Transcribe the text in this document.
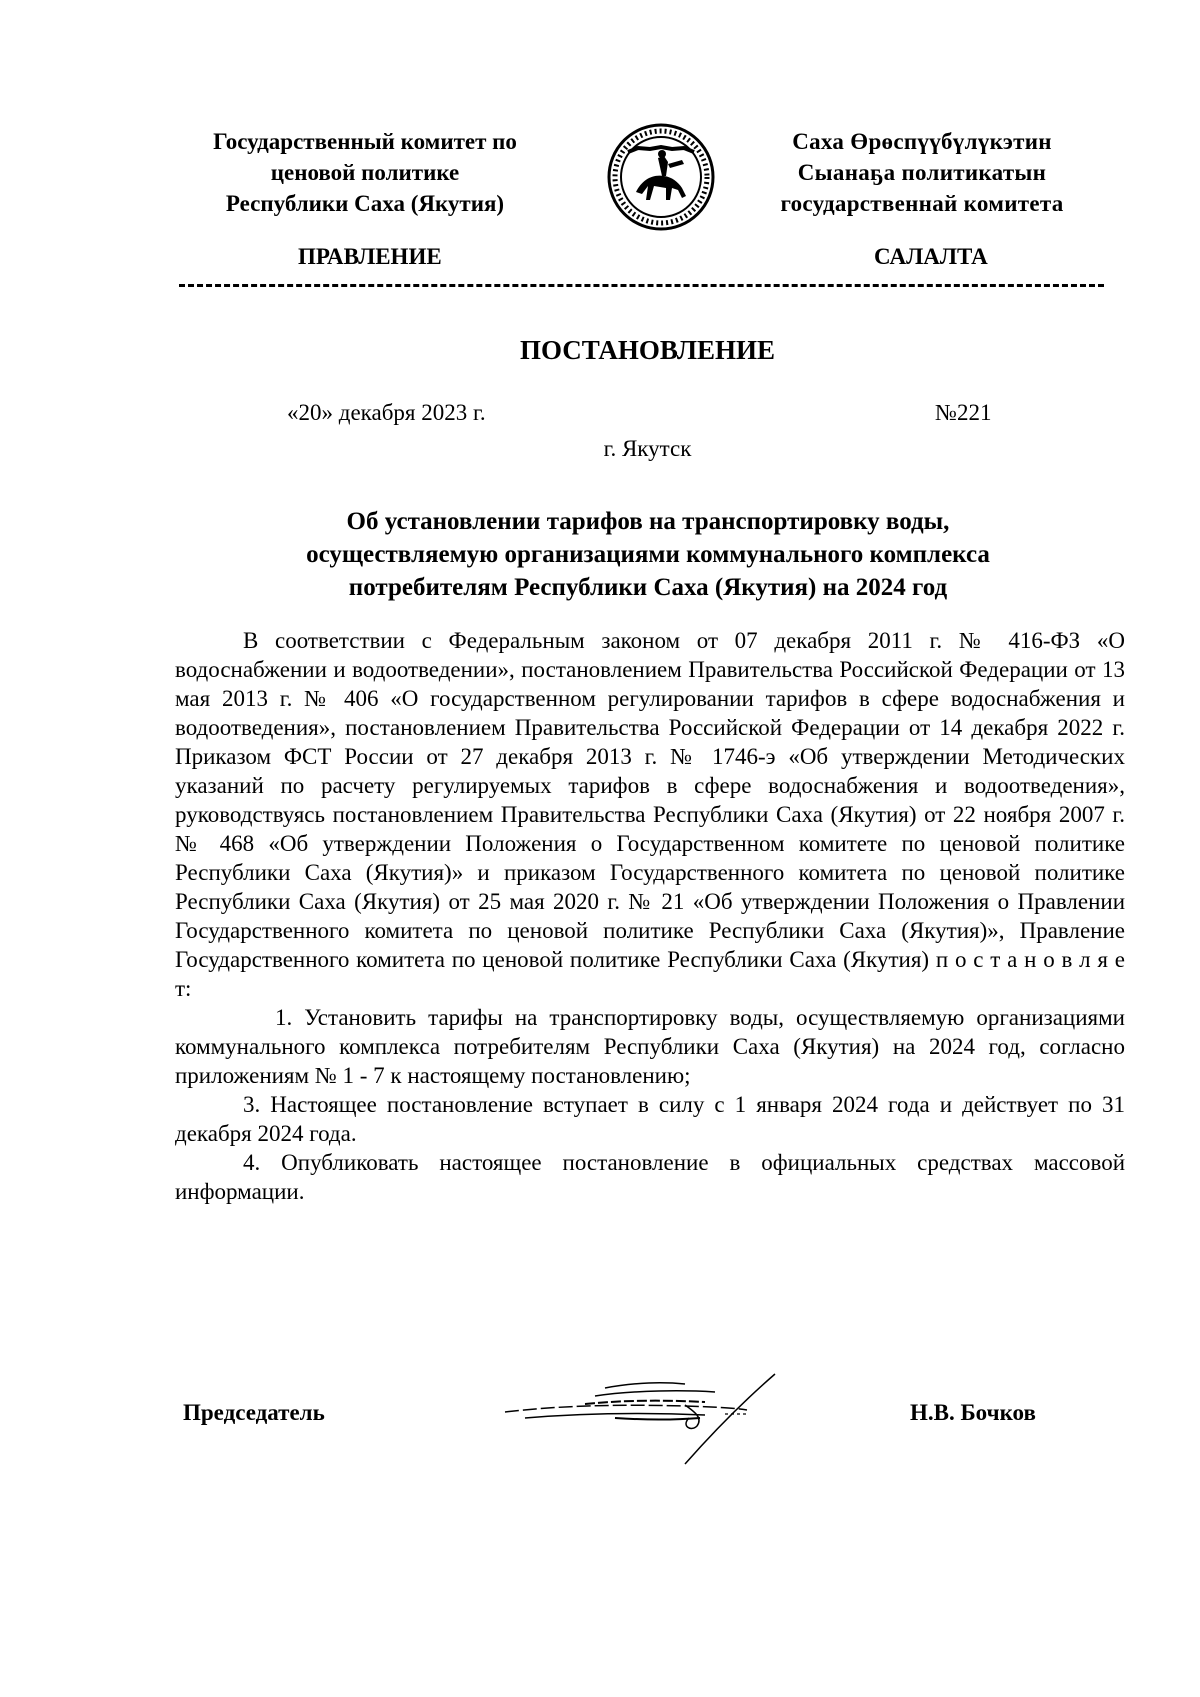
Государственный комитет по
ценовой политике
Республики Саха (Якутия)
Саха Өрөспүүбүлүкэтин
Сыанаҕа политикатын
государственнай комитета
ПРАВЛЕНИЕ	САЛАЛТА
ПОСТАНОВЛЕНИЕ
«20» декабря 2023 г.	№221
г. Якутск
Об установлении тарифов на транспортировку воды,
осуществляемую организациями коммунального комплекса
потребителям Республики Саха (Якутия) на 2024 год

В соответствии с Федеральным законом от 07 декабря 2011 г. № 416-ФЗ «О водоснабжении и водоотведении», постановлением Правительства Российской Федерации от 13 мая 2013 г. № 406 «О государственном регулировании тарифов в сфере водоснабжения и водоотведения», постановлением Правительства Российской Федерации от 14 декабря 2022 г. Приказом ФСТ России от 27 декабря 2013 г. № 1746-э «Об утверждении Методических указаний по расчету регулируемых тарифов в сфере водоснабжения и водоотведения», руководствуясь постановлением Правительства Республики Саха (Якутия) от 22 ноября 2007 г. № 468 «Об утверждении Положения о Государственном комитете по ценовой политике Республики Саха (Якутия)» и приказом Государственного комитета по ценовой политике Республики Саха (Якутия) от 25 мая 2020 г. № 21 «Об утверждении Положения о Правлении Государственного комитета по ценовой политике Республики Саха (Якутия)», Правление Государственного комитета по ценовой политике Республики Саха (Якутия) п о с т а н о в л я е т:

1. Установить тарифы на транспортировку воды, осуществляемую организациями коммунального комплекса потребителям Республики Саха (Якутия) на 2024 год, согласно приложениям № 1 - 7 к настоящему постановлению;

3. Настоящее постановление вступает в силу с 1 января 2024 года и действует по 31 декабря 2024 года.

4. Опубликовать настоящее постановление в официальных средствах массовой информации.

Председатель	Н.В. Бочков
